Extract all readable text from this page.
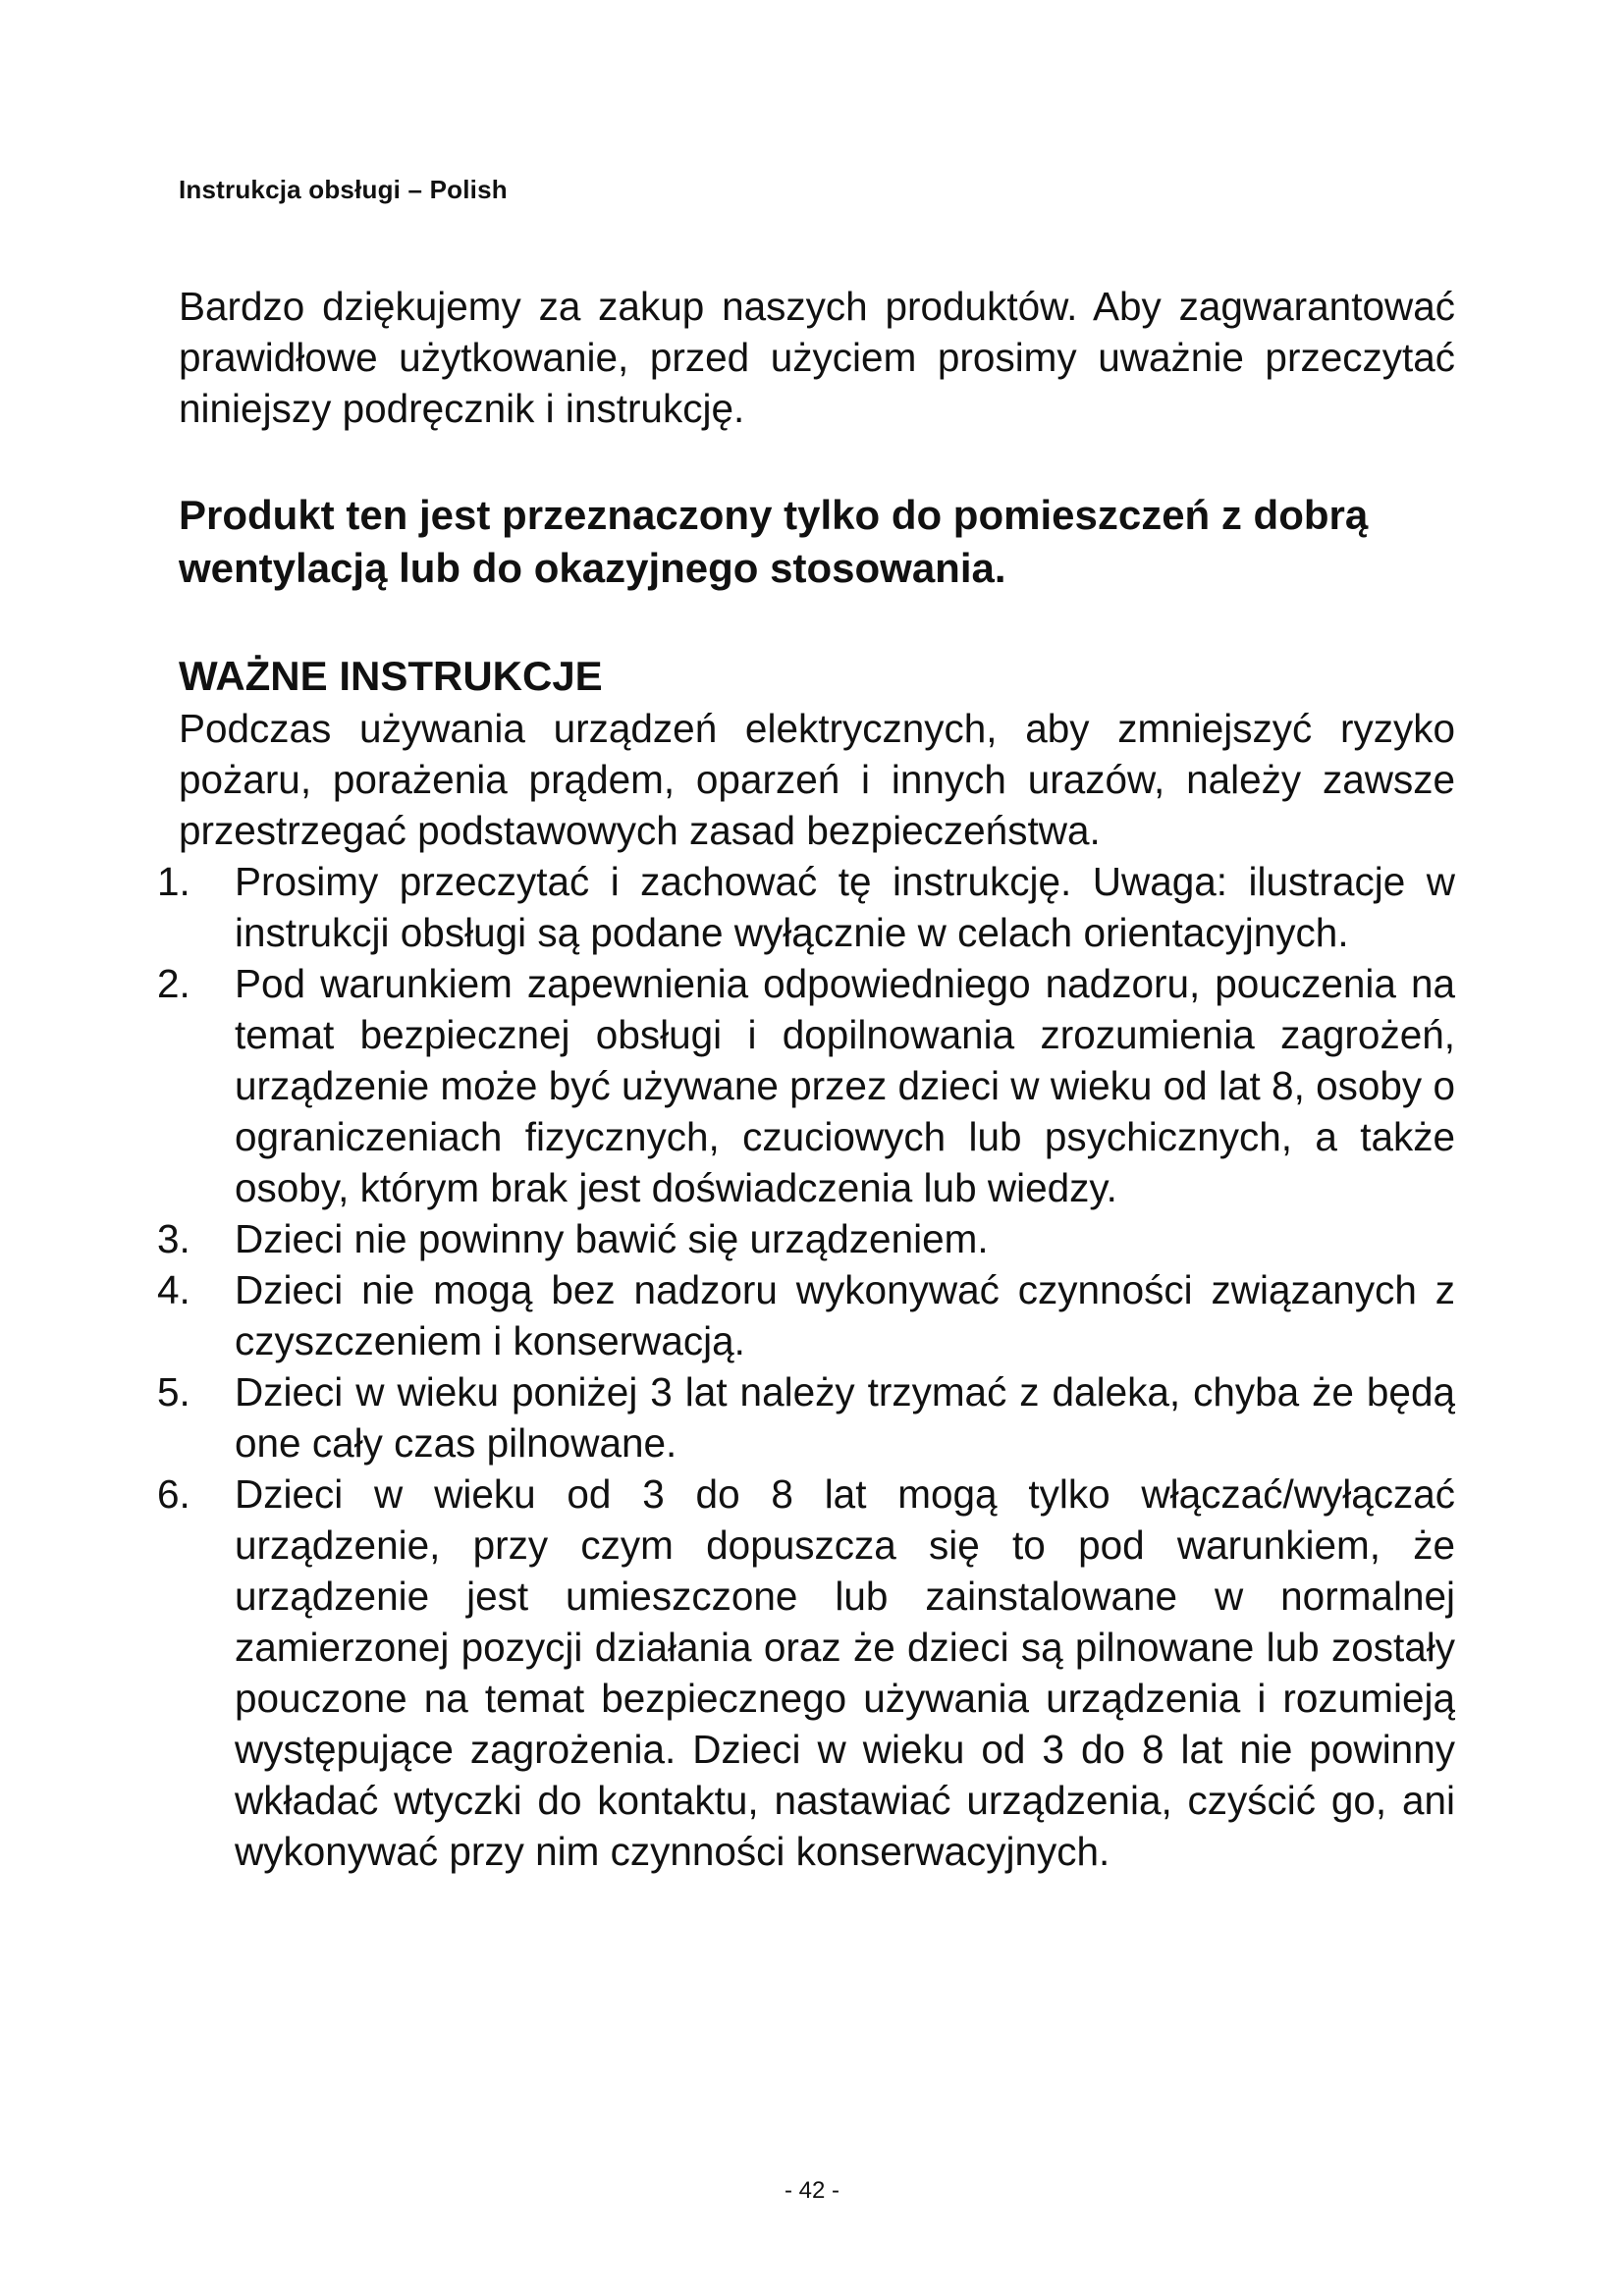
Instrukcja obsługi – Polish

Bardzo dziękujemy za zakup naszych produktów. Aby zagwarantować prawidłowe użytkowanie, przed użyciem prosimy uważnie przeczytać niniejszy podręcznik i instrukcję.

Produkt ten jest przeznaczony tylko do pomieszczeń z dobrą wentylacją lub do okazyjnego stosowania.

WAŻNE INSTRUKCJE

Podczas używania urządzeń elektrycznych, aby zmniejszyć ryzyko pożaru, porażenia prądem, oparzeń i innych urazów, należy zawsze przestrzegać podstawowych zasad bezpieczeństwa.

1.	Prosimy przeczytać i zachować tę instrukcję. Uwaga: ilustracje w instrukcji obsługi są podane wyłącznie w celach orientacyjnych.
2.	Pod warunkiem zapewnienia odpowiedniego nadzoru, pouczenia na temat bezpiecznej obsługi i dopilnowania zrozumienia zagrożeń, urządzenie może być używane przez dzieci w wieku od lat 8, osoby o ograniczeniach fizycznych, czuciowych lub psychicznych, a także osoby, którym brak jest doświadczenia lub wiedzy.
3.	Dzieci nie powinny bawić się urządzeniem.
4.	Dzieci nie mogą bez nadzoru wykonywać czynności związanych z czyszczeniem i konserwacją.
5.	Dzieci w wieku poniżej 3 lat należy trzymać z daleka, chyba że będą one cały czas pilnowane.
6.	Dzieci w wieku od 3 do 8 lat mogą tylko włączać/wyłączać urządzenie, przy czym dopuszcza się to pod warunkiem, że urządzenie jest umieszczone lub zainstalowane w normalnej zamierzonej pozycji działania oraz że dzieci są pilnowane lub zostały pouczone na temat bezpiecznego używania urządzenia i rozumieją występujące zagrożenia. Dzieci w wieku od 3 do 8 lat nie powinny wkładać wtyczki do kontaktu, nastawiać urządzenia, czyścić go, ani wykonywać przy nim czynności konserwacyjnych.
- 42 -
